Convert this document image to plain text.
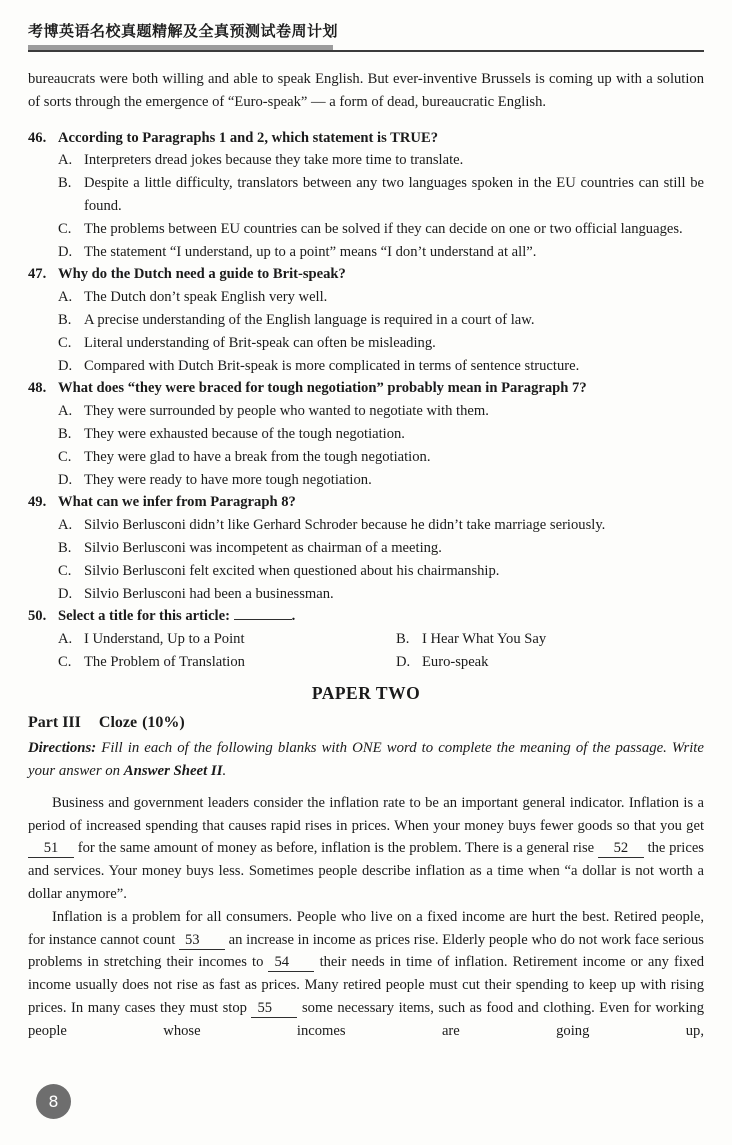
考博英语名校真题精解及全真预测试卷周计划

bureaucrats were both willing and able to speak English. But ever-inventive Brussels is coming up with a solution of sorts through the emergence of “Euro-speak” — a form of dead, bureaucratic English.

46. According to Paragraphs 1 and 2, which statement is TRUE?
A. Interpreters dread jokes because they take more time to translate.
B. Despite a little difficulty, translators between any two languages spoken in the EU countries can still be found.
C. The problems between EU countries can be solved if they can decide on one or two official languages.
D. The statement “I understand, up to a point” means “I don’t understand at all”.
47. Why do the Dutch need a guide to Brit-speak?
A. The Dutch don’t speak English very well.
B. A precise understanding of the English language is required in a court of law.
C. Literal understanding of Brit-speak can often be misleading.
D. Compared with Dutch Brit-speak is more complicated in terms of sentence structure.
48. What does “they were braced for tough negotiation” probably mean in Paragraph 7?
A. They were surrounded by people who wanted to negotiate with them.
B. They were exhausted because of the tough negotiation.
C. They were glad to have a break from the tough negotiation.
D. They were ready to have more tough negotiation.
49. What can we infer from Paragraph 8?
A. Silvio Berlusconi didn’t like Gerhard Schroder because he didn’t take marriage seriously.
B. Silvio Berlusconi was incompetent as chairman of a meeting.
C. Silvio Berlusconi felt excited when questioned about his chairmanship.
D. Silvio Berlusconi had been a businessman.
50. Select a title for this article:	.
A. I Understand, Up to a Point	B. I Hear What You Say
C. The Problem of Translation	D. Euro-speak
PAPER TWO
Part III Cloze (10%)

Directions: Fill in each of the following blanks with ONE word to complete the meaning of the passage. Write your answer on Answer Sheet II.

Business and government leaders consider the inflation rate to be an important general indicator. Inflation is a period of increased spending that causes rapid rises in prices. When your money buys fewer goods so that you get 51 for the same amount of money as before, inflation is the problem. There is a general rise 52 the prices and services. Your money buys less. Sometimes people describe inflation as a time when “a dollar is not worth a dollar anymore”.

Inflation is a problem for all consumers. People who live on a fixed income are hurt the best. Retired people, for instance cannot count 53 an increase in income as prices rise. Elderly people who do not work face serious problems in stretching their incomes to 54 their needs in time of inflation. Retirement income or any fixed income usually does not rise as fast as prices. Many retired people must cut their spending to keep up with rising prices. In many cases they must stop 55 some necessary items, such as food and clothing. Even for working people whose incomes are going up,

8
